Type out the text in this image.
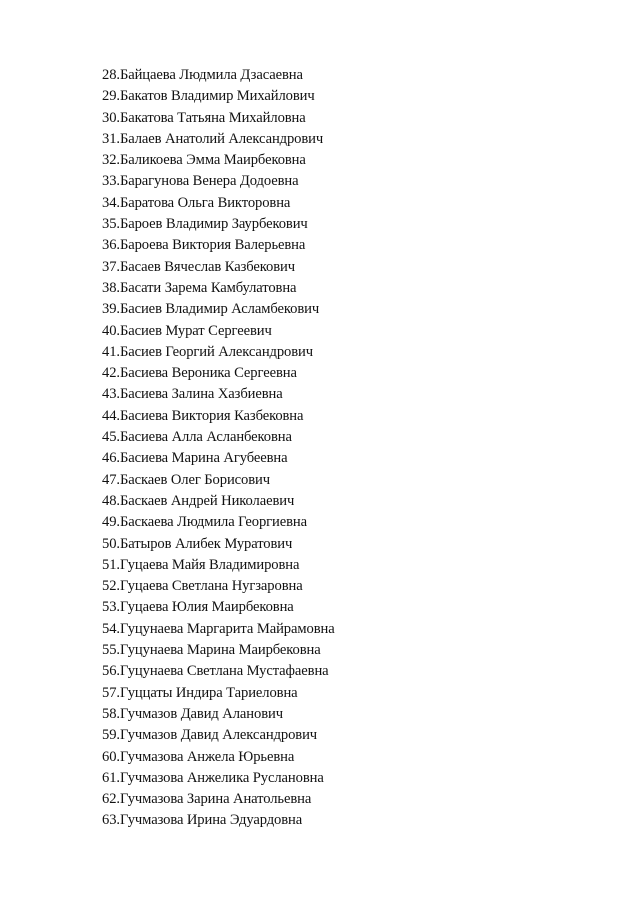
28.Байцаева Людмила Дзасаевна
29.Бакатов Владимир Михайлович
30.Бакатова Татьяна Михайловна
31.Балаев Анатолий Александрович
32.Баликоева Эмма Маирбековна
33.Барагунова Венера Додоевна
34.Баратова Ольга Викторовна
35.Бароев Владимир Заурбекович
36.Бароева Виктория Валерьевна
37.Басаев Вячеслав Казбекович
38.Басати Зарема Камбулатовна
39.Басиев Владимир Асламбекович
40.Басиев Мурат Сергеевич
41.Басиев Георгий Александрович
42.Басиева Вероника Сергеевна
43.Басиева Залина Хазбиевна
44.Басиева Виктория Казбековна
45.Басиева Алла Асланбековна
46.Басиева Марина Агубеевна
47.Баскаев Олег Борисович
48.Баскаев Андрей Николаевич
49.Баскаева Людмила Георгиевна
50.Батыров Алибек Муратович
51.Гуцаева Майя Владимировна
52.Гуцаева Светлана Нугзаровна
53.Гуцаева Юлия Маирбековна
54.Гуцунаева Маргарита Майрамовна
55.Гуцунаева Марина Маирбековна
56.Гуцунаева Светлана Мустафаевна
57.Гуццаты Индира Тариеловна
58.Гучмазов Давид Аланович
59.Гучмазов Давид Александрович
60.Гучмазова Анжела Юрьевна
61.Гучмазова Анжелика Руслановна
62.Гучмазова Зарина Анатольевна
63.Гучмазова Ирина Эдуардовна
